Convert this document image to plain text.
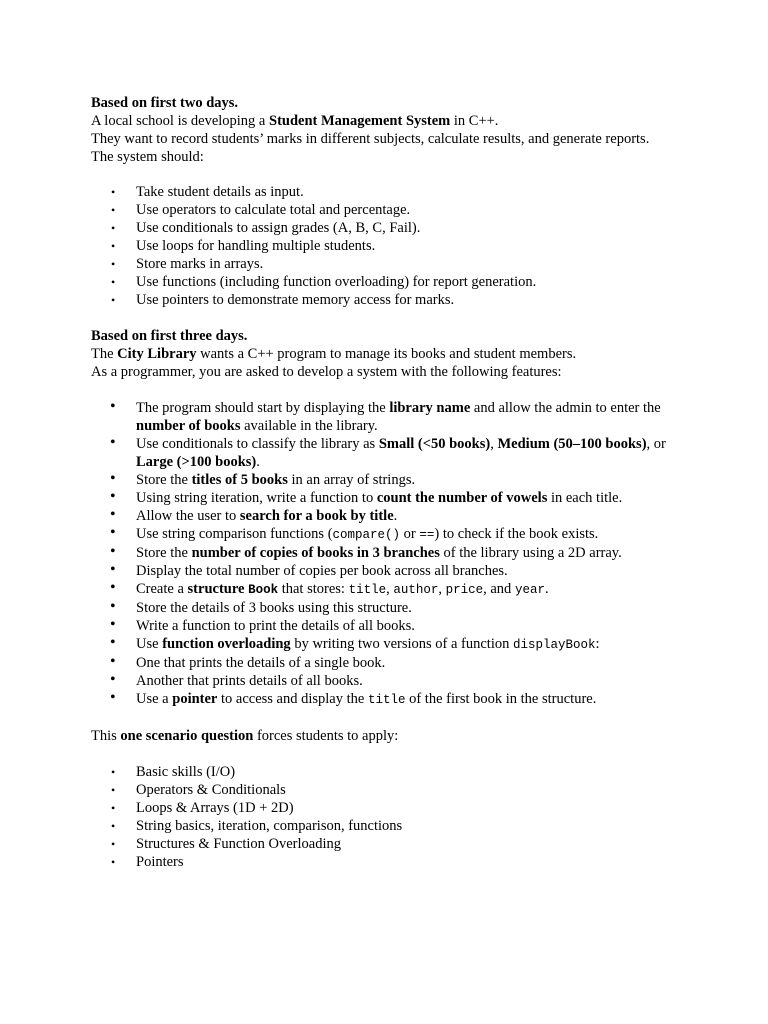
Based on first two days.

A local school is developing a Student Management System in C++.

They want to record students’ marks in different subjects, calculate results, and generate reports.

The system should:

• Take student details as input.
• Use operators to calculate total and percentage.
• Use conditionals to assign grades (A, B, C, Fail).
• Use loops for handling multiple students.
• Store marks in arrays.
• Use functions (including function overloading) for report generation.
• Use pointers to demonstrate memory access for marks.

Based on first three days.

The City Library wants a C++ program to manage its books and student members.

As a programmer, you are asked to develop a system with the following features:

• The program should start by displaying the library name and allow the admin to enter the number of books available in the library.
• Use conditionals to classify the library as Small (<50 books), Medium (50–100 books), or Large (>100 books).
• Store the titles of 5 books in an array of strings.
• Using string iteration, write a function to count the number of vowels in each title.
• Allow the user to search for a book by title.
• Use string comparison functions (compare() or ==) to check if the book exists.
• Store the number of copies of books in 3 branches of the library using a 2D array.
• Display the total number of copies per book across all branches.
• Create a structure Book that stores: title, author, price, and year.
• Store the details of 3 books using this structure.
• Write a function to print the details of all books.
• Use function overloading by writing two versions of a function displayBook:
• One that prints the details of a single book.
• Another that prints details of all books.
• Use a pointer to access and display the title of the first book in the structure.

This one scenario question forces students to apply:

• Basic skills (I/O)
• Operators & Conditionals
• Loops & Arrays (1D + 2D)
• String basics, iteration, comparison, functions
• Structures & Function Overloading
• Pointers
